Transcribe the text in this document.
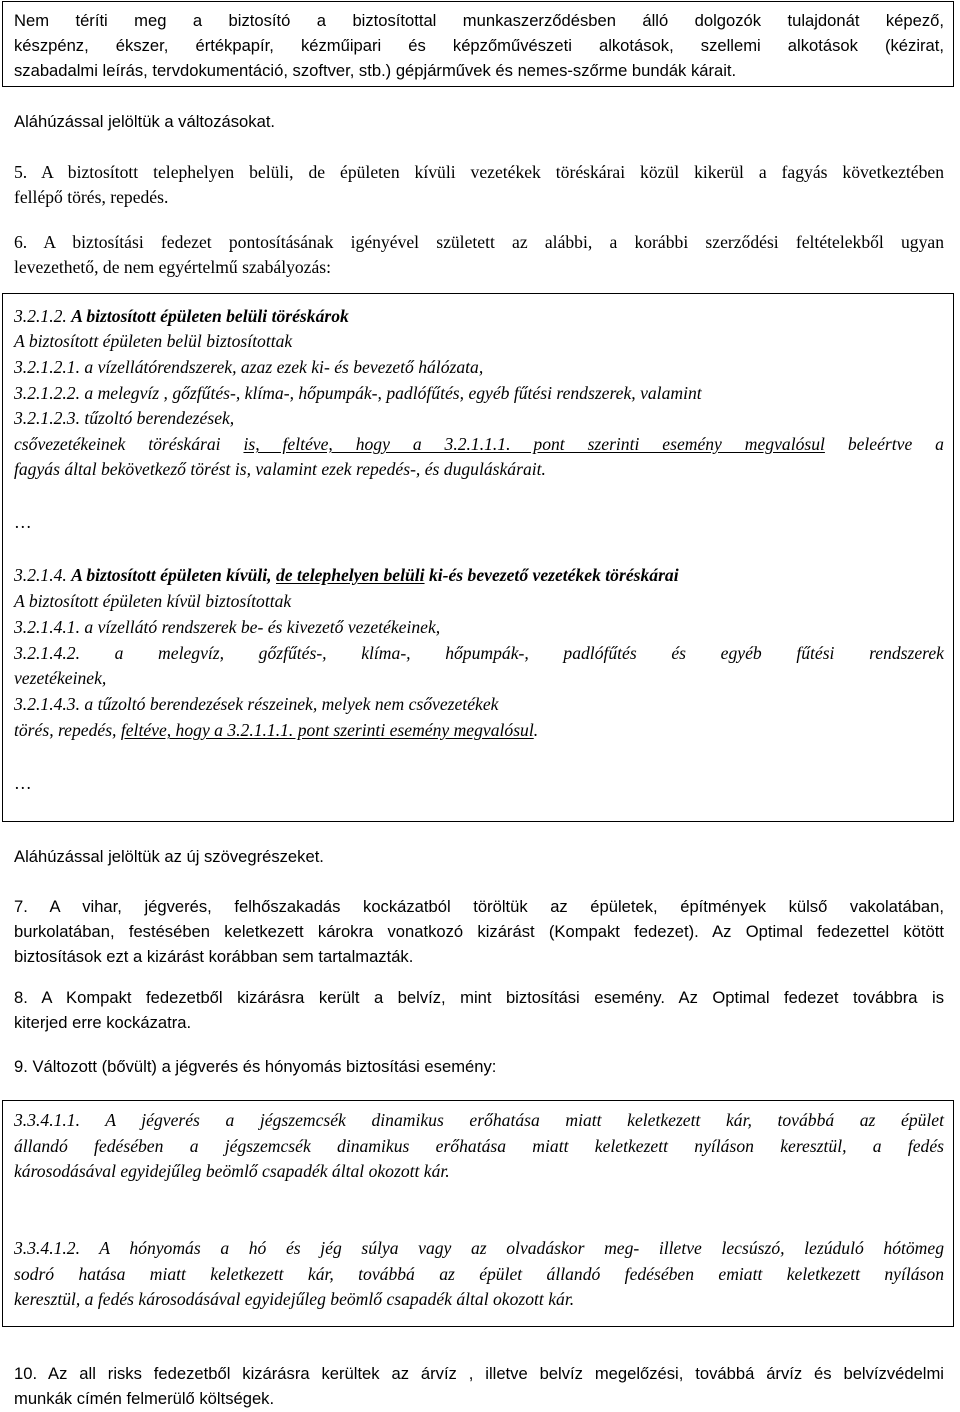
Nem téríti meg a biztosító a biztosítottal munkaszerződésben álló dolgozók tulajdonát képező,
készpénz, ékszer, értékpapír, kézműipari és képzőművészeti alkotások, szellemi alkotások (kézirat,
szabadalmi leírás, tervdokumentáció, szoftver, stb.) gépjárművek és nemes-szőrme bundák kárait.
Aláhúzással jelöltük a változásokat.
5. A biztosított telephelyen belüli, de épületen kívüli vezetékek töréskárai közül kikerül a fagyás következtében
fellépő törés, repedés.
6. A biztosítási fedezet pontosításának igényével született az alábbi, a korábbi szerződési feltételekből ugyan
levezethető, de nem egyértelmű szabályozás:
3.2.1.2. A biztosított épületen belüli töréskárok
A biztosított épületen belül biztosítottak
3.2.1.2.1. a vízellátórendszerek, azaz ezek ki- és bevezető hálózata,
3.2.1.2.2. a melegvíz , gőzfűtés-, klíma-, hőpumpák-, padlófűtés, egyéb fűtési rendszerek, valamint
3.2.1.2.3. tűzoltó berendezések,
csővezetékeinek töréskárai is, feltéve, hogy a 3.2.1.1.1. pont szerinti esemény megvalósul beleértve a
fagyás által bekövetkező törést is, valamint ezek repedés-, és duguláskárait.
…
3.2.1.4. A biztosított épületen kívüli, de telephelyen belüli ki-és bevezető vezetékek töréskárai
A biztosított épületen kívül biztosítottak
3.2.1.4.1. a vízellátó rendszerek be- és kivezető vezetékeinek,
3.2.1.4.2. a melegvíz, gőzfűtés-, klíma-, hőpumpák-, padlófűtés és egyéb fűtési rendszerek
vezetékeinek,
3.2.1.4.3. a tűzoltó berendezések részeinek, melyek nem csővezetékek
törés, repedés, feltéve, hogy a 3.2.1.1.1. pont szerinti esemény megvalósul.
…
Aláhúzással jelöltük az új szövegrészeket.
7. A vihar, jégverés, felhőszakadás kockázatból töröltük az épületek, építmények külső vakolatában,
burkolatában, festésében keletkezett károkra vonatkozó kizárást (Kompakt fedezet). Az Optimal fedezettel kötött
biztosítások ezt a kizárást korábban sem tartalmazták.
8. A Kompakt fedezetből kizárásra került a belvíz, mint biztosítási esemény. Az Optimal fedezet továbbra is
kiterjed erre kockázatra.
9. Változott (bővült) a jégverés és hónyomás biztosítási esemény:
3.3.4.1.1. A jégverés a jégszemcsék dinamikus erőhatása miatt keletkezett kár, továbbá az épület
állandó fedésében a jégszemcsék dinamikus erőhatása miatt keletkezett nyíláson keresztül, a fedés
károsodásával egyidejűleg beömlő csapadék által okozott kár.
3.3.4.1.2. A hónyomás a hó és jég súlya vagy az olvadáskor meg- illetve lecsúszó, lezúduló hótömeg
sodró hatása miatt keletkezett kár, továbbá az épület állandó fedésében emiatt keletkezett nyíláson
keresztül, a fedés károsodásával egyidejűleg beömlő csapadék által okozott kár.
10. Az all risks fedezetből kizárásra kerültek az árvíz , illetve belvíz megelőzési, továbbá árvíz és belvízvédelmi
munkák címén felmerülő költségek.
